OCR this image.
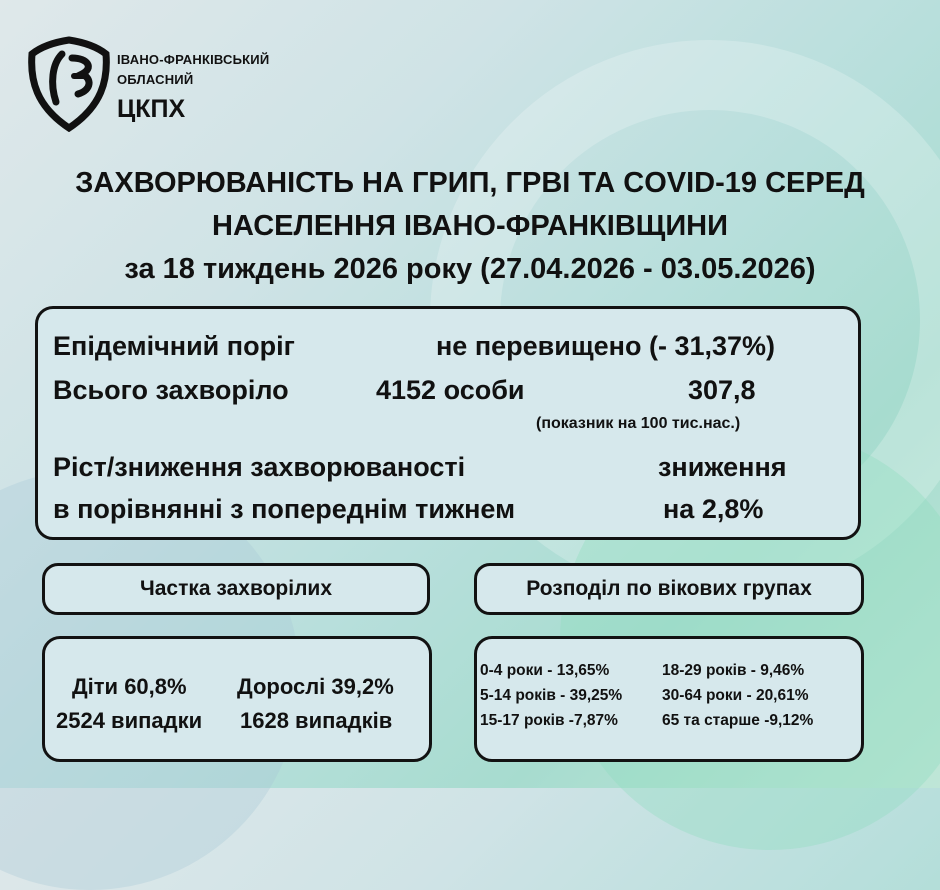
ІВАНО-ФРАНКІВСЬКИЙ
ОБЛАСНИЙ
ЦКПХ
ЗАХВОРЮВАНІСТЬ НА ГРИП, ГРВІ ТА COVID-19 СЕРЕД
НАСЕЛЕННЯ ІВАНО-ФРАНКІВЩИНИ
за 18 тиждень 2026 року (27.04.2026 - 03.05.2026)
Епідемічний поріг	не перевищено (- 31,37%)
Всього захворіло	4152 особи	307,8
(показник на 100 тис.нас.)
Ріст/зниження захворюваності	зниження
в порівнянні з попереднім тижнем	на 2,8%
Частка захворілих	Розподіл по вікових групах
Діти 60,8%
2524 випадки
Дорослі 39,2%
1628 випадків
0-4 роки - 13,65%
5-14 років - 39,25%
15-17 років -7,87%
18-29 років - 9,46%
30-64 роки - 20,61%
65 та старше -9,12%
